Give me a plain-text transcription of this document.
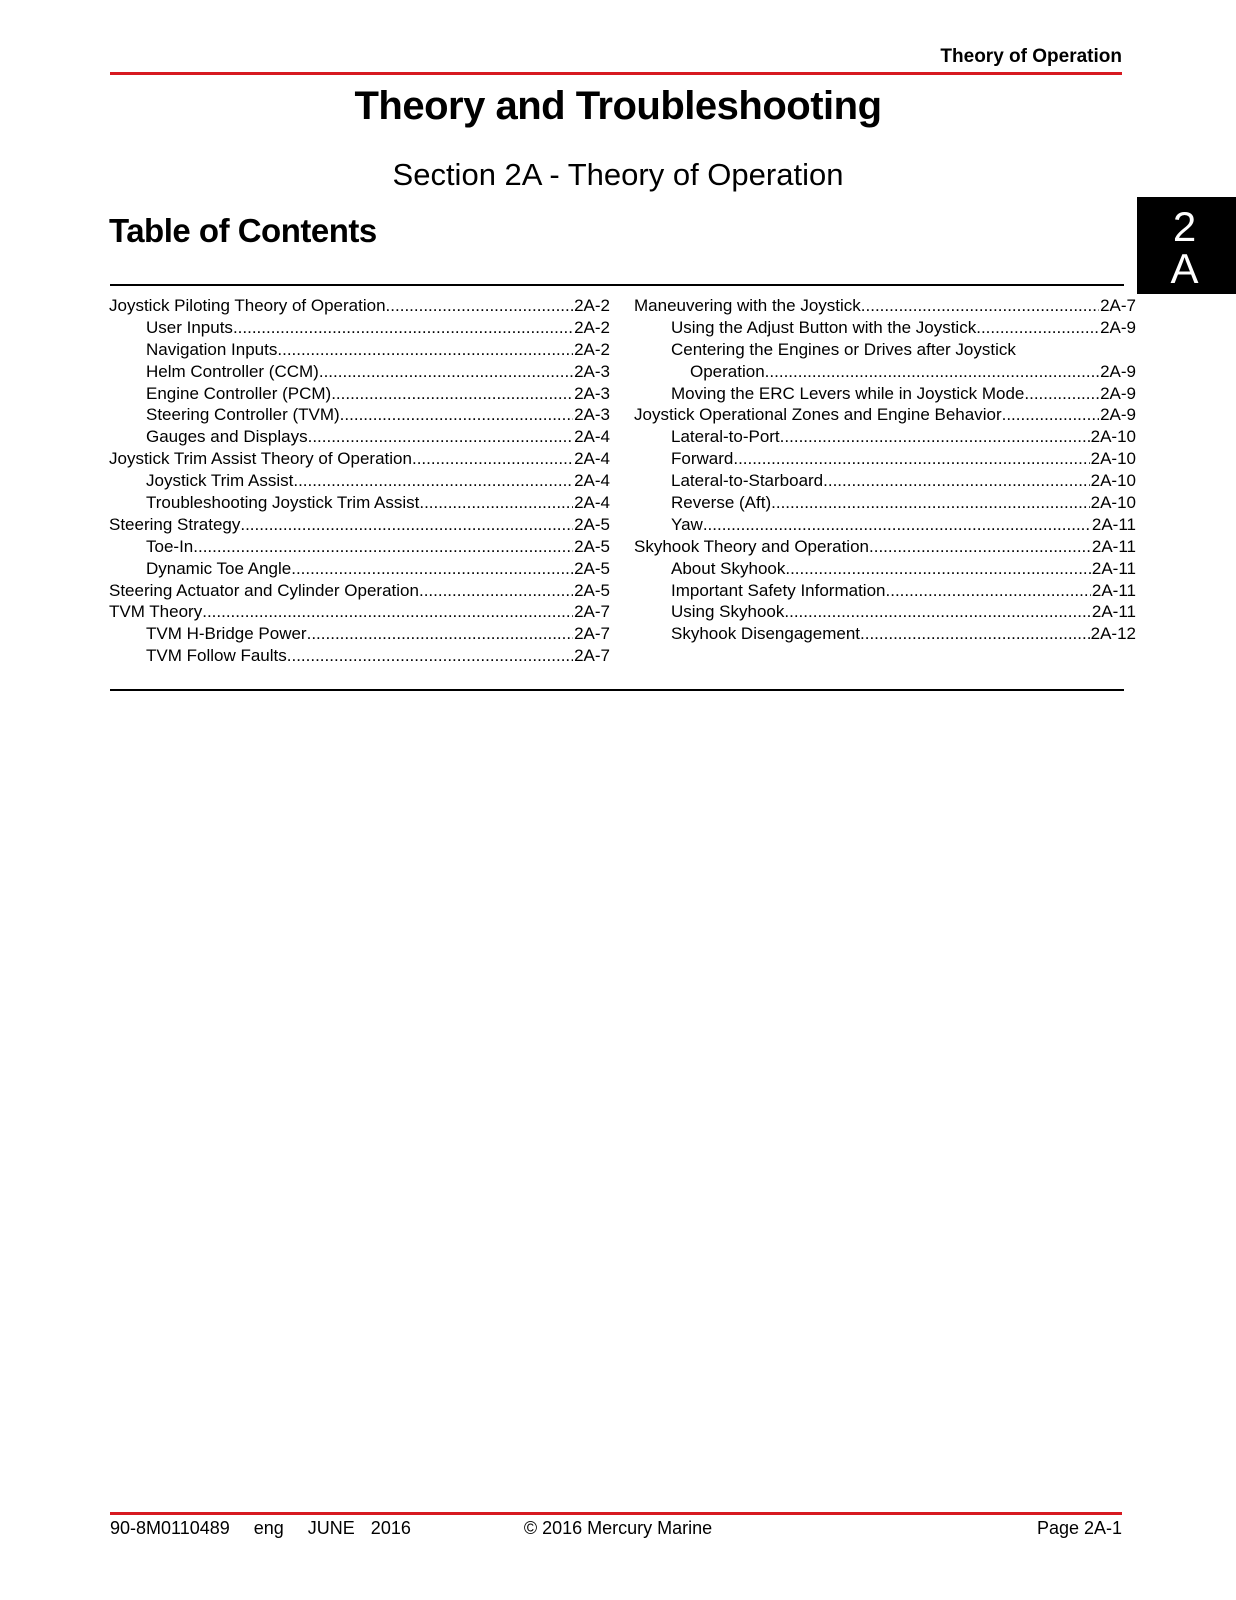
Theory of Operation
Theory and Troubleshooting
Section 2A - Theory of Operation
Table of Contents	2
A
Joystick Piloting Theory of Operation .....	2A-2
User Inputs .....	2A-2
Navigation Inputs .....	2A-2
Helm Controller (CCM) .....	2A-3
Engine Controller (PCM) .....	2A-3
Steering Controller (TVM) .....	2A-3
Gauges and Displays .....	2A-4
Joystick Trim Assist Theory of Operation .....	2A-4
Joystick Trim Assist .....	2A-4
Troubleshooting Joystick Trim Assist .....	2A-4
Steering Strategy .....	2A-5
Toe-In .....	2A-5
Dynamic Toe Angle .....	2A-5
Steering Actuator and Cylinder Operation .....	2A-5
TVM Theory .....	2A-7
TVM H-Bridge Power .....	2A-7
TVM Follow Faults .....	2A-7
Maneuvering with the Joystick .....	2A-7
Using the Adjust Button with the Joystick .....	2A-9
Centering the Engines or Drives after Joystick
Operation .....	2A-9
Moving the ERC Levers while in Joystick Mode .....	2A-9
Joystick Operational Zones and Engine Behavior .....	2A-9
Lateral-to-Port .....	2A-10
Forward .....	2A-10
Lateral-to-Starboard .....	2A-10
Reverse (Aft) .....	2A-10
Yaw .....	2A-11
Skyhook Theory and Operation .....	2A-11
About Skyhook .....	2A-11
Important Safety Information .....	2A-11
Using Skyhook .....	2A-11
Skyhook Disengagement .....	2A-12
90-8M0110489   eng   JUNE  2016	© 2016 Mercury Marine	Page 2A-1
